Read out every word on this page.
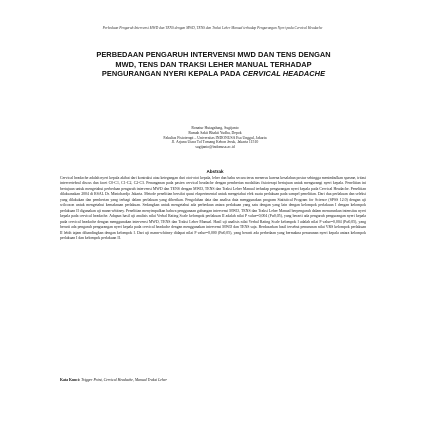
Perbedaan Pengaruh Intervensi MWD dan TENS dengan MWD, TENS dan Traksi Leher Manual terhadap Pengurangan Nyeri pada Cervical Headache
PERBEDAAN PENGARUH INTERVENSI MWD DAN TENS DENGAN
MWD, TENS DAN TRAKSI LEHER MANUAL TERHADAP
PENGURANGAN NYERI KEPALA PADA CERVICAL HEADACHE
Ronatur Hutagalung, Sugijanto
Rumah Sakit Bhakti Yudha, Depok
Fakultas Fisioterapi – Universitas INDONUSA Esa Unggul, Jakarta
Jl. Arjuna Utara Tol Tomang Kebon Jeruk, Jakarta 11510
sugijanto@indonusa.ac.id
Abstrak
Cervical headache adalah nyeri kepala akibat dari kontraksi atau ketegangan dari otot-otot kepala, leher dan bahu secara terus menerus karena kesalahan postur sehingga menimbulkan spasme, iritasi intervertebral discus dan facet C0-C1, C1-C2, C2-C3. Penanganan pada pasien cervical headache dengan pemberian modalitas fisioterapi bertujuan untuk mengurangi nyeri kepala. Penelitian ini bertujuan untuk mengetahui perbedaan pengaruh intervensi MWD dan TENS dengan MWD, TENS dan Traksi Leher Manual terhadap pengurangan nyeri kepala pada Cervical Headache. Penelitian dilaksanakan 2004 di RSAL Dr. Mintohardjo Jakarta. Metode penelitian bersifat quasi eksperimental untuk mengetahui efek suatu perlakuan pada sampel penelitian. Dari dua perlakuan dan seleksi yang dilakukan dan pemberian yang terbagi dalam perlakuan yang diberikan. Pengolahan data dan analisa data menggunakan program Statistical Program for Science (SPSS 12.0) dengan uji wilcoxon untuk mengetahui kemaknaan perlakuan. Sedangkan untuk mengetahui ada perbedaan antara perlakuan yang satu dengan yang lain dengan kelompok perlakuan I dengan kelompok perlakuan II digunakan uji mann-whitney. Penelitian menyimpulkan bahwa penggunaan gabungan intervensi MWD, TENS dan Traksi Leher Manual berpengaruh dalam menurunkan intensitas nyeri kepala pada cervical headache. Adapun hasil uji analisis nilai Verbal Rating Scale kelompok perlakuan II adalah nilai P value=0,004 (Pα0,05), yang berarti ada pengaruh pengurangan nyeri kepala pada cervical headache dengan menggunakan intervensi MWD, TENS dan Traksi Leher Manual. Hasil uji analisis nilai Verbal Rating Scale kelompok I adalah nilai P value=0,004 (Pα0,05), yang berarti ada pengaruh pengurangan nyeri kepala pada cervical headache dengan menggunakan intervensi MWD dan TENS saja. Berdasarkan hasil tersebut penurunan nilai VRS kelompok perlakuan II lebih tajam dibandingkan dengan kelompok I. Dari uji mann-whitney didapat nilai P value=0,000 (Pα0,05), yang berarti ada perbedaan yang bermakna penurunan nyeri kepala antara kelompok perlakuan I dan kelompok perlakuan II.
Kata Kunci: Trigger Point, Cervical Headache, Manual Traksi Leher
